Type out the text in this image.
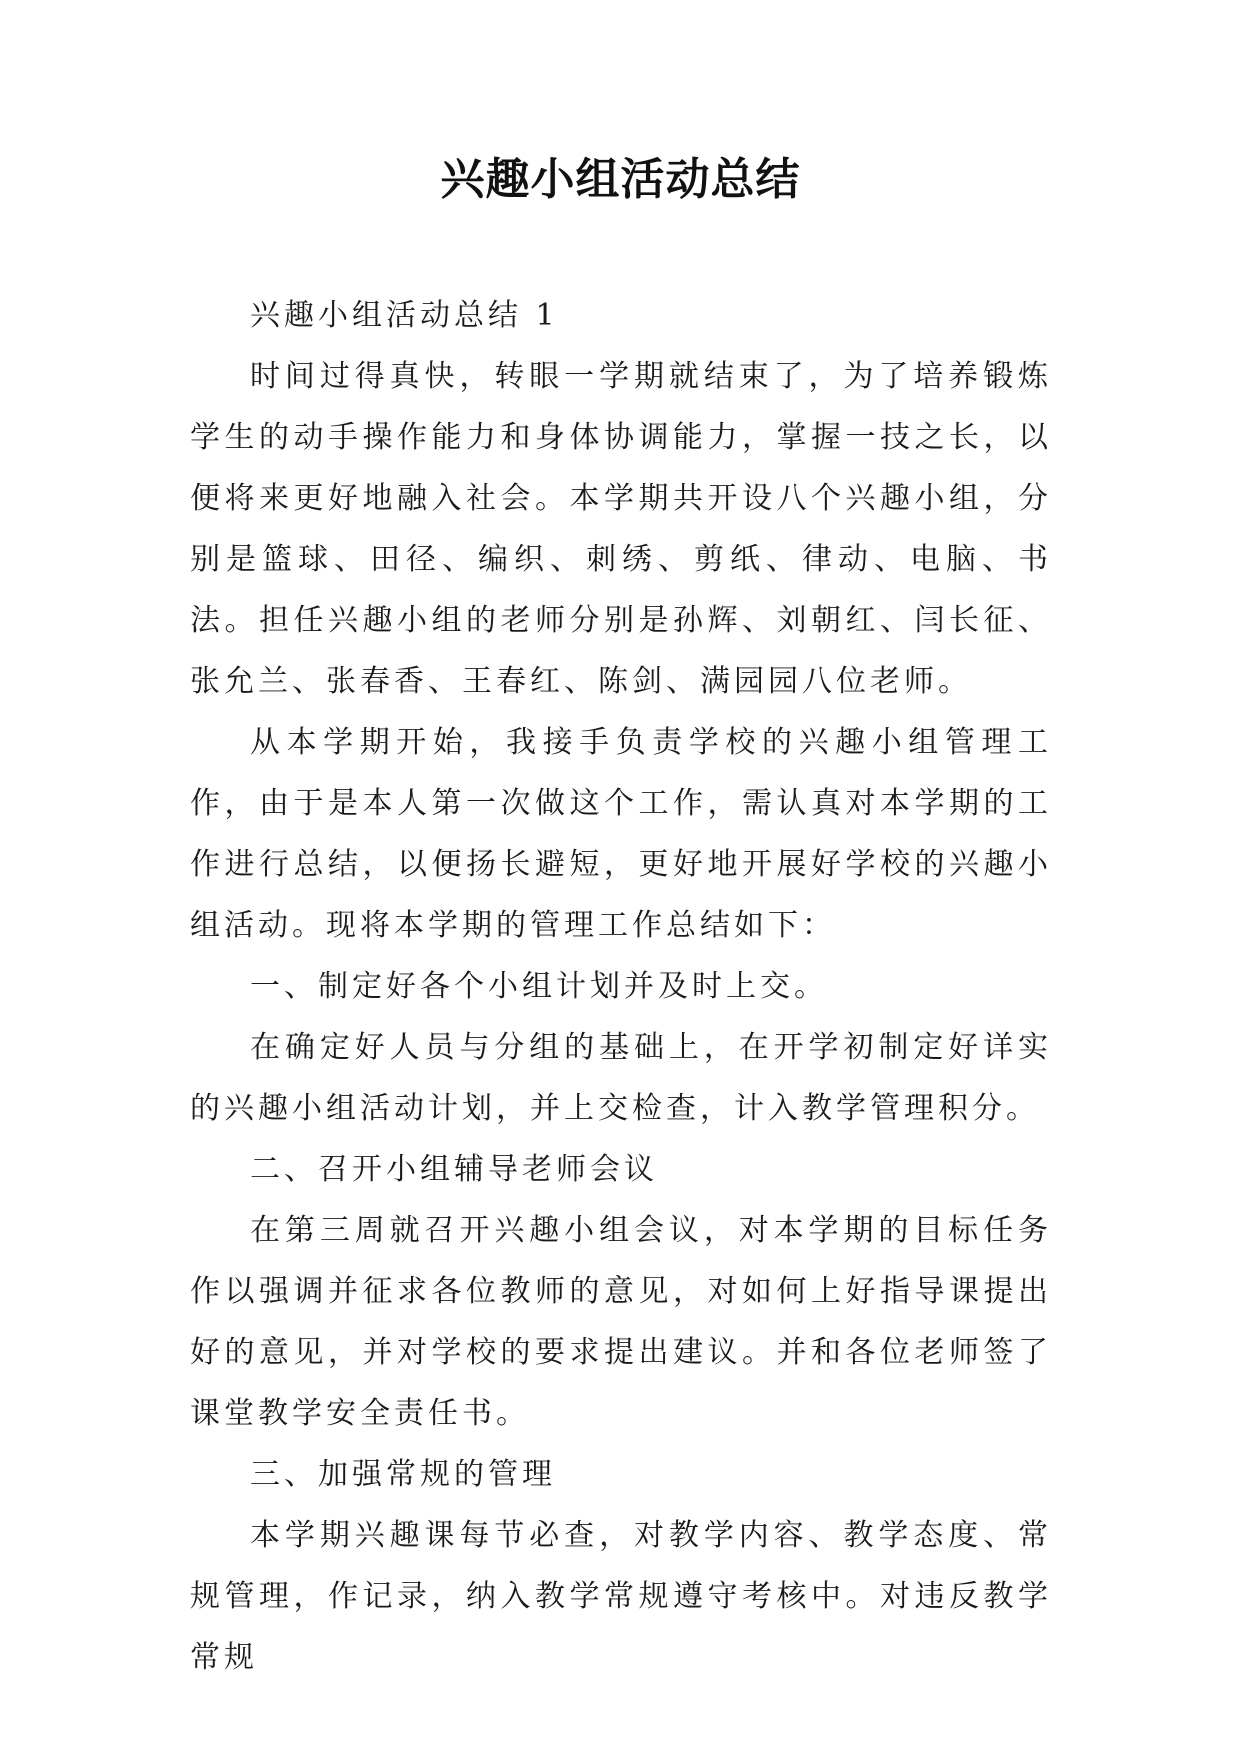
兴趣小组活动总结

兴趣小组活动总结 1

时间过得真快，转眼一学期就结束了，为了培养锻炼学生的动手操作能力和身体协调能力，掌握一技之长，以便将来更好地融入社会。本学期共开设八个兴趣小组，分别是篮球、田径、编织、刺绣、剪纸、律动、电脑、书法。担任兴趣小组的老师分别是孙辉、刘朝红、闫长征、张允兰、张春香、王春红、陈剑、满园园八位老师。

从本学期开始，我接手负责学校的兴趣小组管理工作，由于是本人第一次做这个工作，需认真对本学期的工作进行总结，以便扬长避短，更好地开展好学校的兴趣小组活动。现将本学期的管理工作总结如下：

一、制定好各个小组计划并及时上交。

在确定好人员与分组的基础上，在开学初制定好详实的兴趣小组活动计划，并上交检查，计入教学管理积分。

二、召开小组辅导老师会议

在第三周就召开兴趣小组会议，对本学期的目标任务作以强调并征求各位教师的意见，对如何上好指导课提出好的意见，并对学校的要求提出建议。并和各位老师签了课堂教学安全责任书。

三、加强常规的管理

本学期兴趣课每节必查，对教学内容、教学态度、常规管理，作记录，纳入教学常规遵守考核中。对违反教学常规
